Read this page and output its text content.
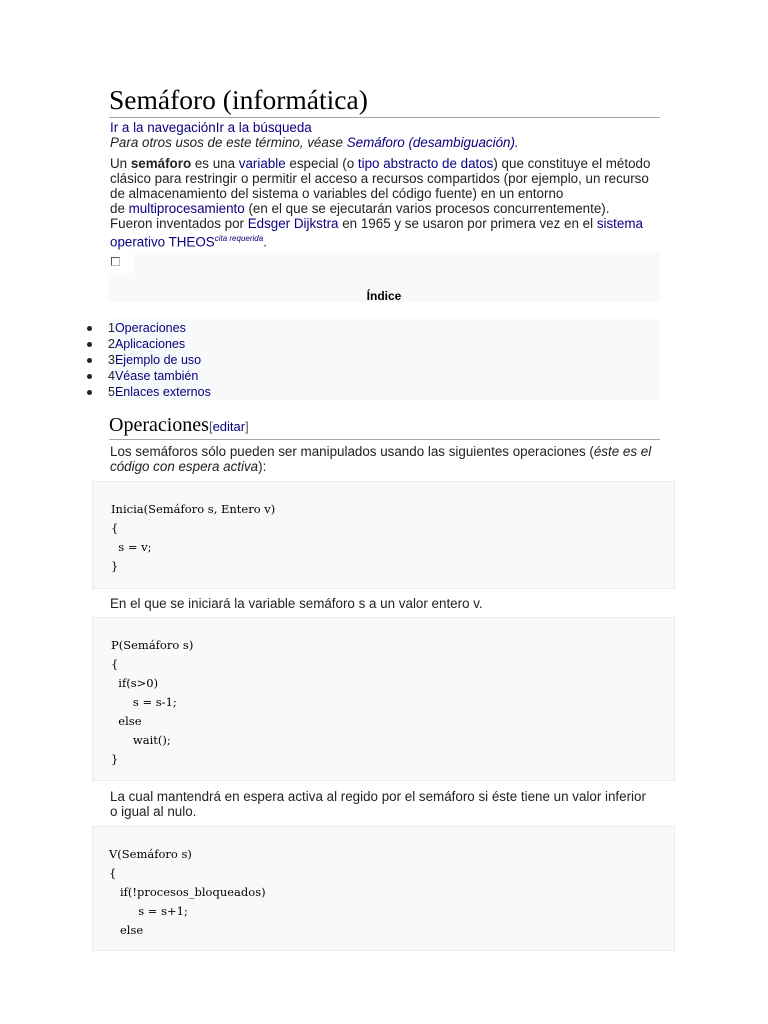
Semáforo (informática)
Ir a la navegaciónIr a la búsqueda
Para otros usos de este término, véase Semáforo (desambiguación).
Un semáforo es una variable especial (o tipo abstracto de datos) que constituye el método
clásico para restringir o permitir el acceso a recursos compartidos (por ejemplo, un recurso
de almacenamiento del sistema o variables del código fuente) en un entorno
de multiprocesamiento (en el que se ejecutarán varios procesos concurrentemente).
Fueron inventados por Edsger Dijkstra en 1965 y se usaron por primera vez en el sistema
operativo $THEOS^{cita requerida}$.
Índice
1Operaciones
2Aplicaciones
3Ejemplo de uso
4Véase también
5Enlaces externos
Operaciones[editar]
Los semáforos sólo pueden ser manipulados usando las siguientes operaciones (éste es el
código con espera activa):
Inicia(Semáforo s, Entero v)
{
s = v;
}
En el que se iniciará la variable semáforo s a un valor entero v.
P(Semáforo s)
{
if(s>0)
s = s-1;
else
wait();
}
La cual mantendrá en espera activa al regido por el semáforo si éste tiene un valor inferior
o igual al nulo.
V(Semáforo s)
{
if(!procesos_bloqueados)
s = s+1;
else
